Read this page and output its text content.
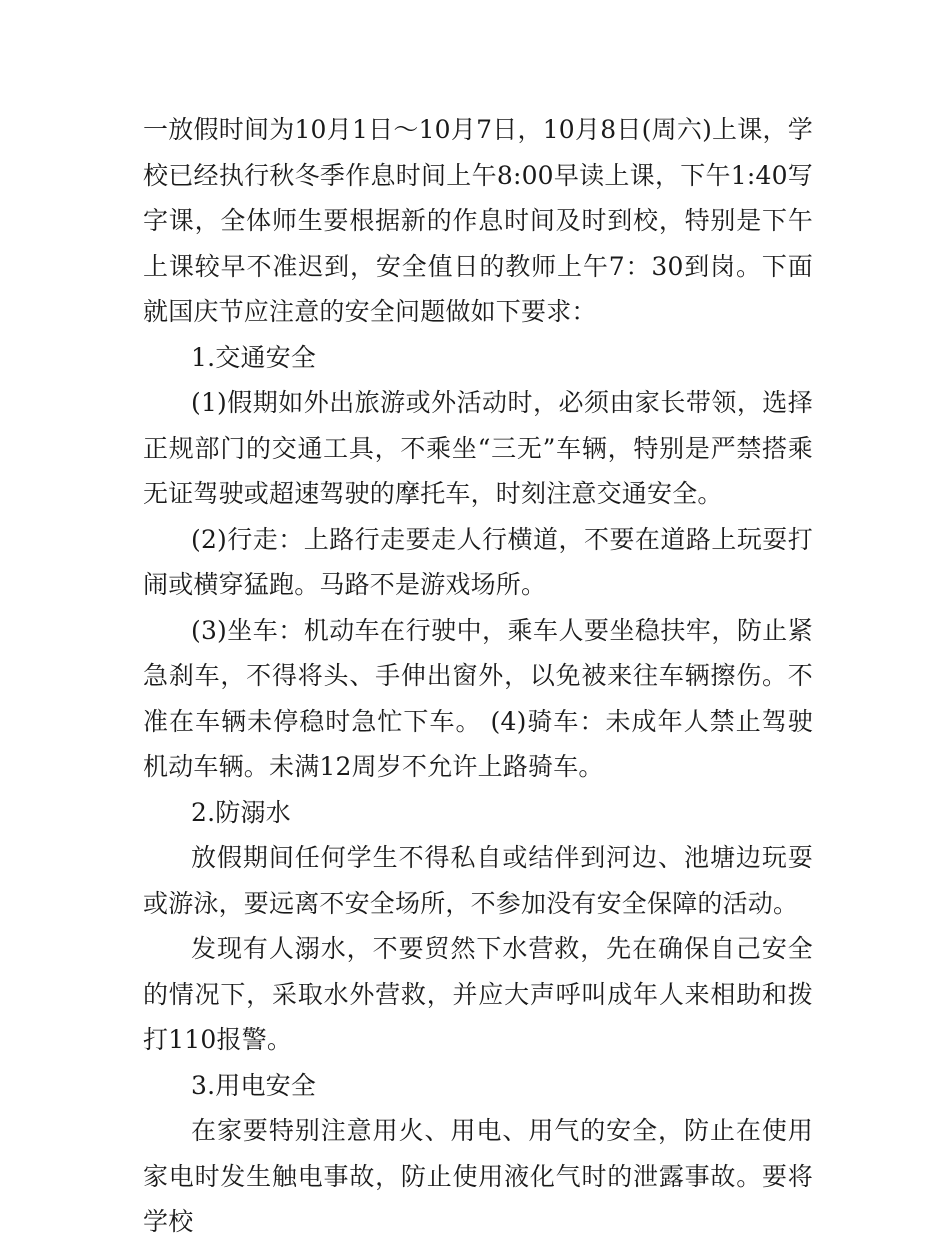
一放假时间为10月1日～10月7日，10月8日(周六)上课，学校已经执行秋冬季作息时间上午8:00早读上课，下午1:40写字课，全体师生要根据新的作息时间及时到校，特别是下午上课较早不准迟到，安全值日的教师上午7：30到岗。下面就国庆节应注意的安全问题做如下要求：

1.交通安全

(1)假期如外出旅游或外活动时，必须由家长带领，选择正规部门的交通工具，不乘坐“三无”车辆，特别是严禁搭乘无证驾驶或超速驾驶的摩托车，时刻注意交通安全。

(2)行走：上路行走要走人行横道，不要在道路上玩耍打闹或横穿猛跑。马路不是游戏场所。

(3)坐车：机动车在行驶中，乘车人要坐稳扶牢，防止紧急刹车，不得将头、手伸出窗外，以免被来往车辆擦伤。不准在车辆未停稳时急忙下车。 (4)骑车：未成年人禁止驾驶机动车辆。未满12周岁不允许上路骑车。

2.防溺水

放假期间任何学生不得私自或结伴到河边、池塘边玩耍或游泳，要远离不安全场所，不参加没有安全保障的活动。

发现有人溺水，不要贸然下水营救，先在确保自己安全的情况下，采取水外营救，并应大声呼叫成年人来相助和拨打110报警。

3.用电安全

在家要特别注意用火、用电、用气的安全，防止在使用家电时发生触电事故，防止使用液化气时的泄露事故。要将学校
